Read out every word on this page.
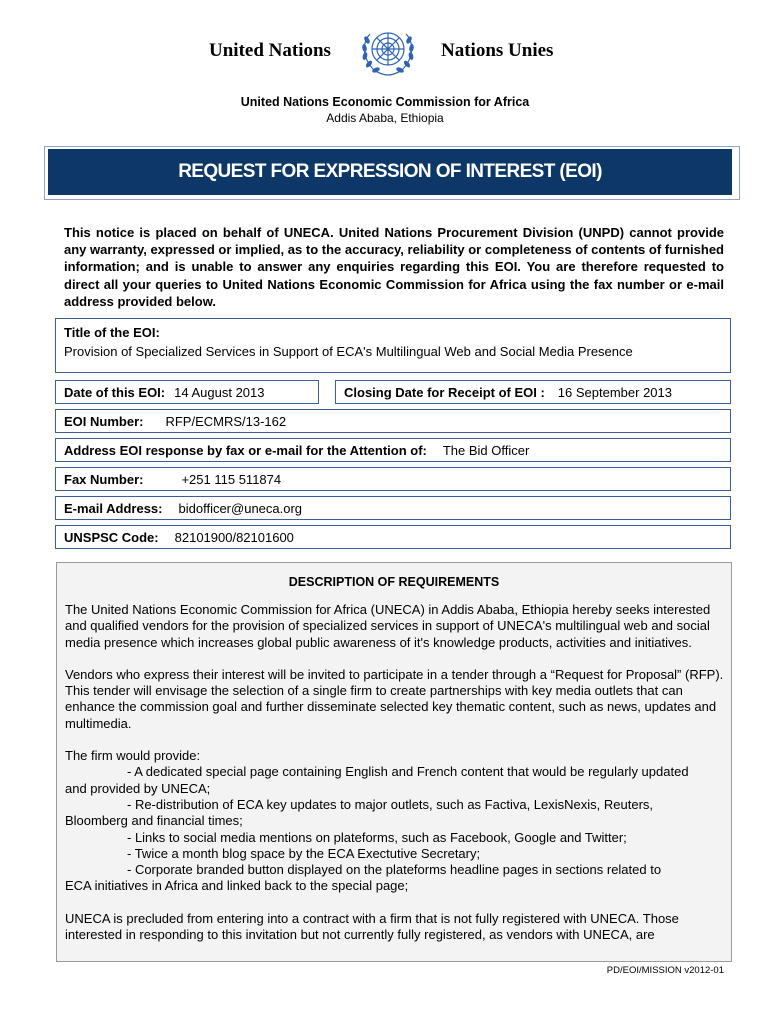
United Nations	Nations Unies
United Nations Economic Commission for Africa
Addis Ababa, Ethiopia
REQUEST FOR EXPRESSION OF INTEREST (EOI)
This notice is placed on behalf of UNECA. United Nations Procurement Division (UNPD) cannot provide any warranty, expressed or implied, as to the accuracy, reliability or completeness of contents of furnished information; and is unable to answer any enquiries regarding this EOI. You are therefore requested to direct all your queries to United Nations Economic Commission for Africa using the fax number or e-mail address provided below.
Title of the EOI:
Provision of Specialized Services in Support of ECA's Multilingual Web and Social Media Presence
Date of this EOI: 14 August 2013	Closing Date for Receipt of EOI : 16 September 2013
EOI Number: RFP/ECMRS/13-162
Address EOI response by fax or e-mail for the Attention of: The Bid Officer
Fax Number:	+251 115 511874
E-mail Address: bidofficer@uneca.org
UNSPSC Code: 82101900/82101600
DESCRIPTION OF REQUIREMENTS

The United Nations Economic Commission for Africa (UNECA) in Addis Ababa, Ethiopia hereby seeks interested and qualified vendors for the provision of specialized services in support of UNECA's multilingual web and social media presence which increases global public awareness of it's knowledge products, activities and initiatives.

Vendors who express their interest will be invited to participate in a tender through a “Request for Proposal” (RFP). This tender will envisage the selection of a single firm to create partnerships with key media outlets that can enhance the commission goal and further disseminate selected key thematic content, such as news, updates and multimedia.

The firm would provide:
- A dedicated special page containing English and French content that would be regularly updated
and provided by UNECA;
- Re-distribution of ECA key updates to major outlets, such as Factiva, LexisNexis, Reuters,
Bloomberg and financial times;
- Links to social media mentions on plateforms, such as Facebook, Google and Twitter;
- Twice a month blog space by the ECA Exectutive Secretary;
- Corporate branded button displayed on the plateforms headline pages in sections related to
ECA initiatives in Africa and linked back to the special page;
UNECA is precluded from entering into a contract with a firm that is not fully registered with UNECA. Those
interested in responding to this invitation but not currently fully registered, as vendors with UNECA, are
PD/EOI/MISSION v2012-01
